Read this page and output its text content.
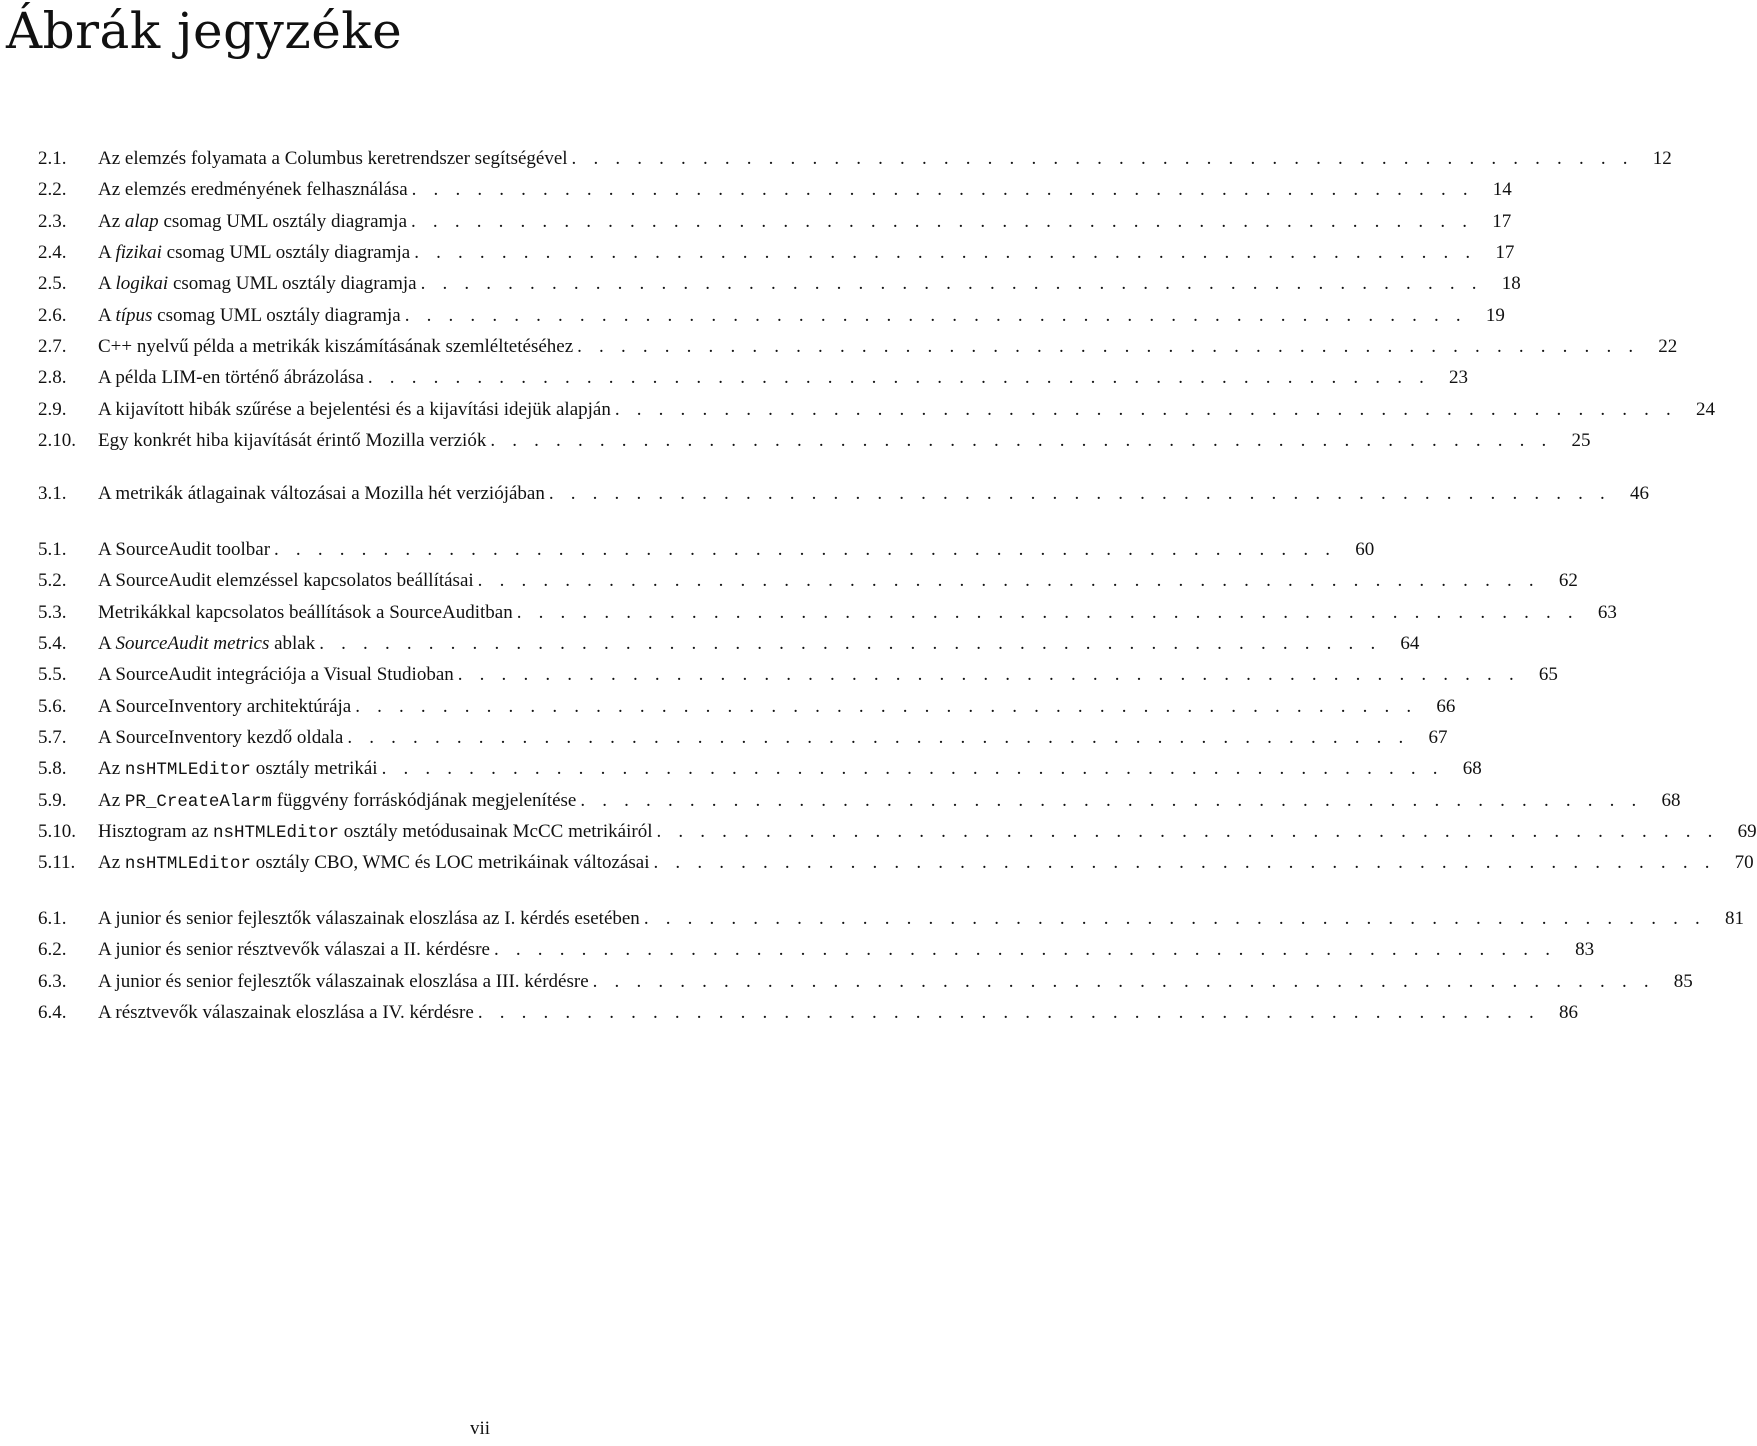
Ábrák jegyzéke
2.1.	Az elemzés folyamata a Columbus keretrendszer segítségével . . . . . . . . . . . . . . . . . . . . . . . . . . . . . . . . . . . . . . . . . . . . . . . . .	12
2.2.	Az elemzés eredményének felhasználása . . . . . . . . . . . . . . . . . . . . . . . . . . . . . . . . . . . . . . . . . . . . . . . . .	14
2.3.	Az alap csomag UML osztály diagramja . . . . . . . . . . . . . . . . . . . . . . . . . . . . . . . . . . . . . . . . . . . . . . . . .	17
2.4.	A fizikai csomag UML osztály diagramja . . . . . . . . . . . . . . . . . . . . . . . . . . . . . . . . . . . . . . . . . . . . . . . . .	17
2.5.	A logikai csomag UML osztály diagramja . . . . . . . . . . . . . . . . . . . . . . . . . . . . . . . . . . . . . . . . . . . . . . . . .	18
2.6.	A típus csomag UML osztály diagramja . . . . . . . . . . . . . . . . . . . . . . . . . . . . . . . . . . . . . . . . . . . . . . . . .	19
2.7.	C++ nyelvű példa a metrikák kiszámításának szemléltetéséhez . . . . . . . . . . . . . . . . . . . . . . . . . . . . . . . . . . . . . . . . . . . . . . . . .	22
2.8.	A példa LIM-en történő ábrázolása . . . . . . . . . . . . . . . . . . . . . . . . . . . . . . . . . . . . . . . . . . . . . . . . .	23
2.9.	A kijavított hibák szűrése a bejelentési és a kijavítási idejük alapján . . . . . . . . . . . . . . . . . . . . . . . . . . . . . . . . . . . . . . . . . . . . . . . . .	24
2.10.	Egy konkrét hiba kijavítását érintő Mozilla verziók . . . . . . . . . . . . . . . . . . . . . . . . . . . . . . . . . . . . . . . . . . . . . . . . .	25
3.1.	A metrikák átlagainak változásai a Mozilla hét verziójában . . . . . . . . . . . . . . . . . . . . . . . . . . . . . . . . . . . . . . . . . . . . . . . . .	46
5.1.	A SourceAudit toolbar . . . . . . . . . . . . . . . . . . . . . . . . . . . . . . . . . . . . . . . . . . . . . . . . .	60
5.2.	A SourceAudit elemzéssel kapcsolatos beállításai . . . . . . . . . . . . . . . . . . . . . . . . . . . . . . . . . . . . . . . . . . . . . . . . .	62
5.3.	Metrikákkal kapcsolatos beállítások a SourceAuditban . . . . . . . . . . . . . . . . . . . . . . . . . . . . . . . . . . . . . . . . . . . . . . . . .	63
5.4.	A SourceAudit metrics ablak . . . . . . . . . . . . . . . . . . . . . . . . . . . . . . . . . . . . . . . . . . . . . . . . .	64
5.5.	A SourceAudit integrációja a Visual Studioban . . . . . . . . . . . . . . . . . . . . . . . . . . . . . . . . . . . . . . . . . . . . . . . . .	65
5.6.	A SourceInventory architektúrája . . . . . . . . . . . . . . . . . . . . . . . . . . . . . . . . . . . . . . . . . . . . . . . . .	66
5.7.	A SourceInventory kezdő oldala . . . . . . . . . . . . . . . . . . . . . . . . . . . . . . . . . . . . . . . . . . . . . . . . .	67
5.8.	Az nsHTMLEditor osztály metrikái . . . . . . . . . . . . . . . . . . . . . . . . . . . . . . . . . . . . . . . . . . . . . . . . .	68
5.9.	Az PR_CreateAlarm függvény forráskódjának megjelenítése . . . . . . . . . . . . . . . . . . . . . . . . . . . . . . . . . . . . . . . . . . . . . . . . .	68
5.10.	Hisztogram az nsHTMLEditor osztály metódusainak McCC metrikáiról . . . . . . . . . . . . . . . . . . . . . . . . . . . . . . . . . . . . . . . . . . . . . . . . .	69
5.11.	Az nsHTMLEditor osztály CBO, WMC és LOC metrikáinak változásai . . . . . . . . . . . . . . . . . . . . . . . . . . . . . . . . . . . . . . . . . . . . . . . . .	70
6.1.	A junior és senior fejlesztők válaszainak eloszlása az I. kérdés esetében . . . . . . . . . . . . . . . . . . . . . . . . . . . . . . . . . . . . . . . . . . . . . . . . .	81
6.2.	A junior és senior résztvevők válaszai a II. kérdésre . . . . . . . . . . . . . . . . . . . . . . . . . . . . . . . . . . . . . . . . . . . . . . . . .	83
6.3.	A junior és senior fejlesztők válaszainak eloszlása a III. kérdésre . . . . . . . . . . . . . . . . . . . . . . . . . . . . . . . . . . . . . . . . . . . . . . . . .	85
6.4.	A résztvevők válaszainak eloszlása a IV. kérdésre . . . . . . . . . . . . . . . . . . . . . . . . . . . . . . . . . . . . . . . . . . . . . . . . .	86
vii
